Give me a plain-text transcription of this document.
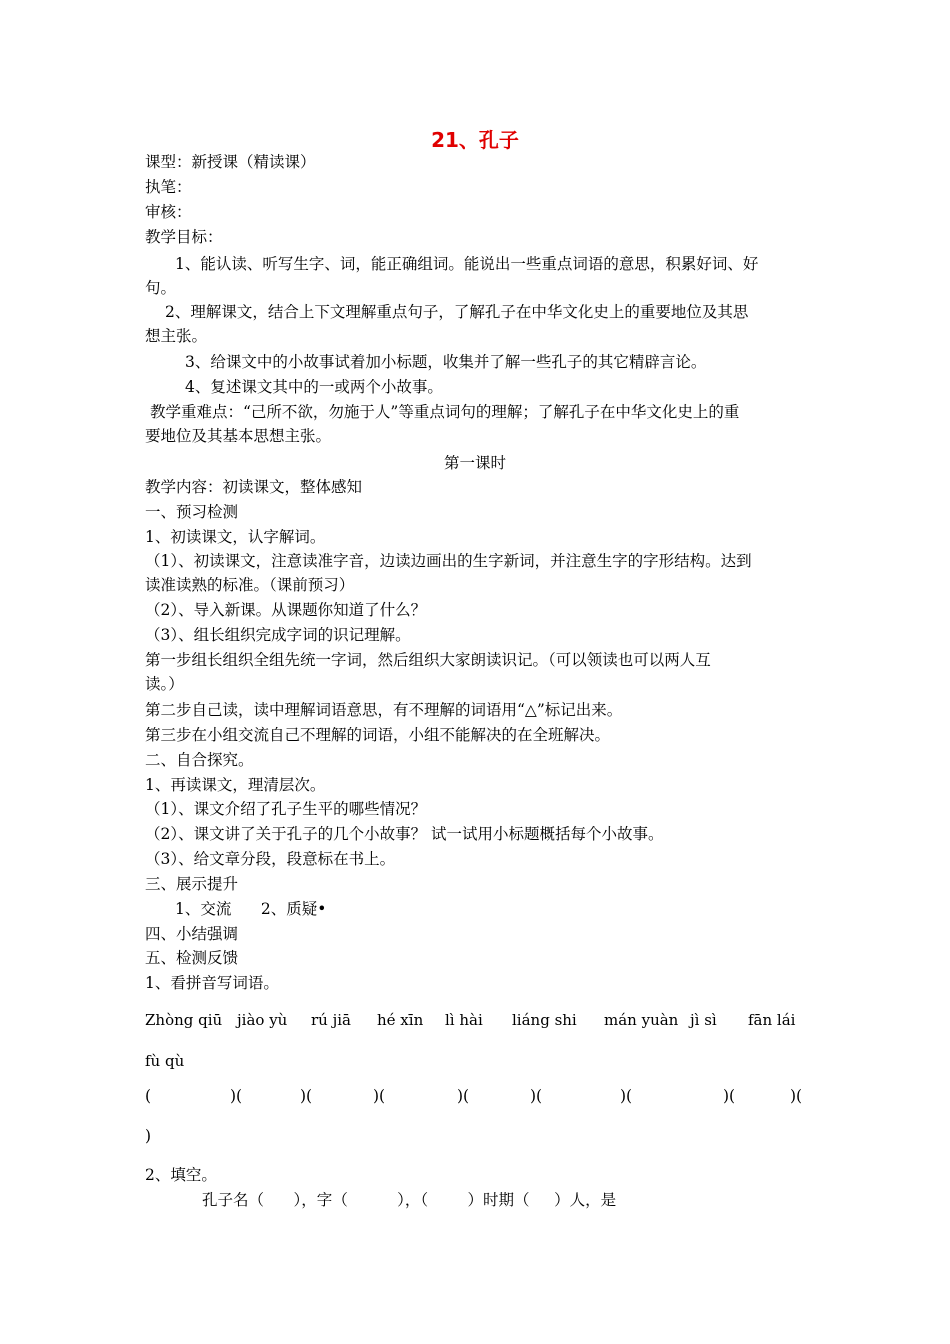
21、孔子
课型：新授课（精读课）
执笔：
审核：
教学目标：
1、能认读、听写生字、词，能正确组词。能说出一些重点词语的意思，积累好词、好
句。
2、理解课文，结合上下文理解重点句子，了解孔子在中华文化史上的重要地位及其思
想主张。
3、给课文中的小故事试着加小标题，收集并了解一些孔子的其它精辟言论。
4、复述课文其中的一或两个小故事。
教学重难点：“己所不欲，勿施于人”等重点词句的理解；了解孔子在中华文化史上的重
要地位及其基本思想主张。
第一课时
教学内容：初读课文，整体感知
一、预习检测
1、初读课文，认字解词。
（1）、初读课文，注意读准字音，边读边画出的生字新词，并注意生字的字形结构。达到
读准读熟的标准。（课前预习）
（2）、导入新课。从课题你知道了什么？
（3）、组长组织完成字词的识记理解。
第一步组长组织全组先统一字词，然后组织大家朗读识记。（可以领读也可以两人互
读。）
第二步自己读，读中理解词语意思，有不理解的词语用“△”标记出来。
第三步在小组交流自己不理解的词语，小组不能解决的在全班解决。
二、自合探究。
1、再读课文，理清层次。
（1）、课文介绍了孔子生平的哪些情况？
（2）、课文讲了关于孔子的几个小故事？ 试一试用小标题概括每个小故事。
（3）、给文章分段，段意标在书上。
三、展示提升
1、交流      2、质疑•
四、小结强调
五、检测反馈
1、看拼音写词语。
Zhòng qiū jiào yù rú jiā hé xīn lì hài liáng shi mán yuàn jì sì fān lái
fù qù
(	)(	)(	)(	)(	)(	)(	)(	)(
)
2、填空。
孔子名（      ），字（          ），（        ）时期（     ）人，是
